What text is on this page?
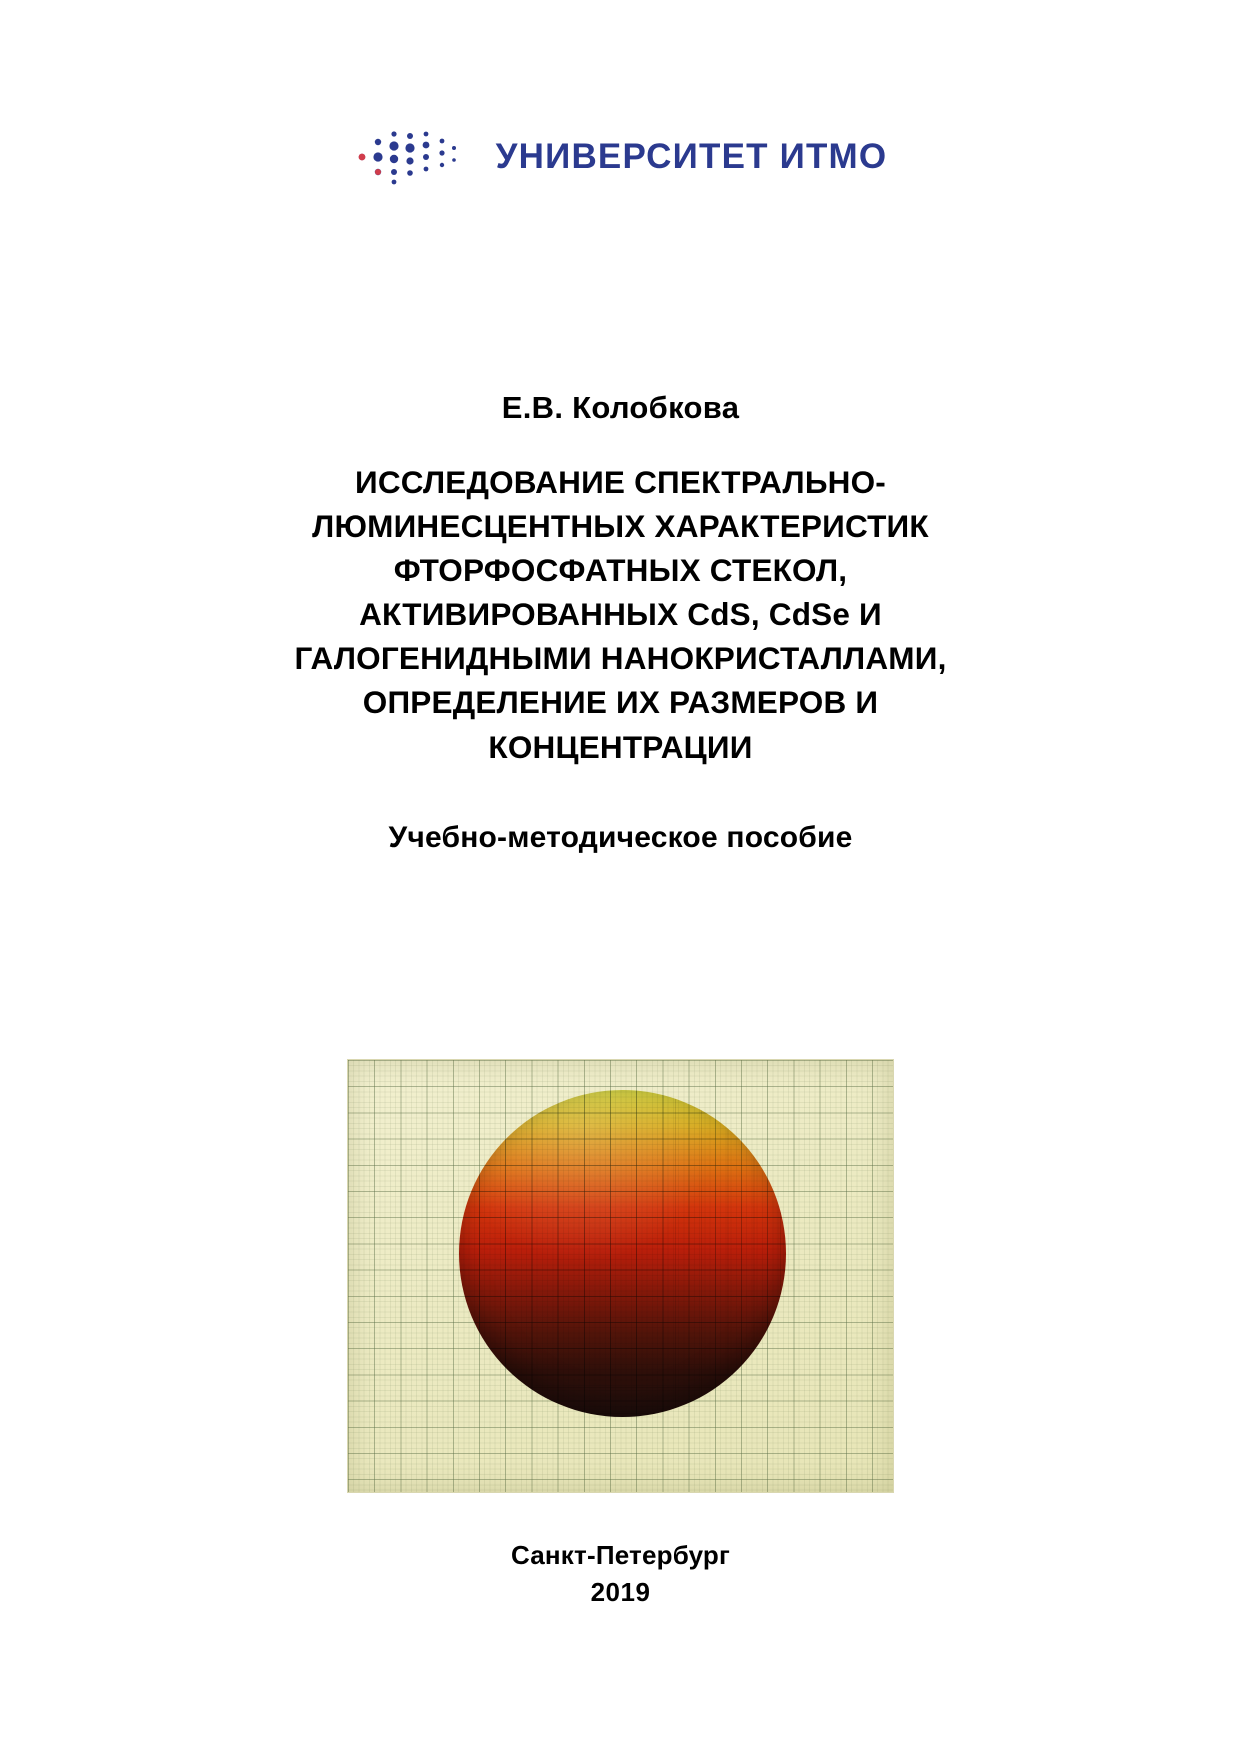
УНИВЕРСИТЕТ ИТМО
Е.В. Колобкова
ИССЛЕДОВАНИЕ СПЕКТРАЛЬНО-
ЛЮМИНЕСЦЕНТНЫХ ХАРАКТЕРИСТИК
ФТОРФОСФАТНЫХ СТЕКОЛ,
АКТИВИРОВАННЫХ CdS, CdSe И
ГАЛОГЕНИДНЫМИ НАНОКРИСТАЛЛАМИ,
ОПРЕДЕЛЕНИЕ ИХ РАЗМЕРОВ И
КОНЦЕНТРАЦИИ
Учебно-методическое пособие

Санкт-Петербург

2019
